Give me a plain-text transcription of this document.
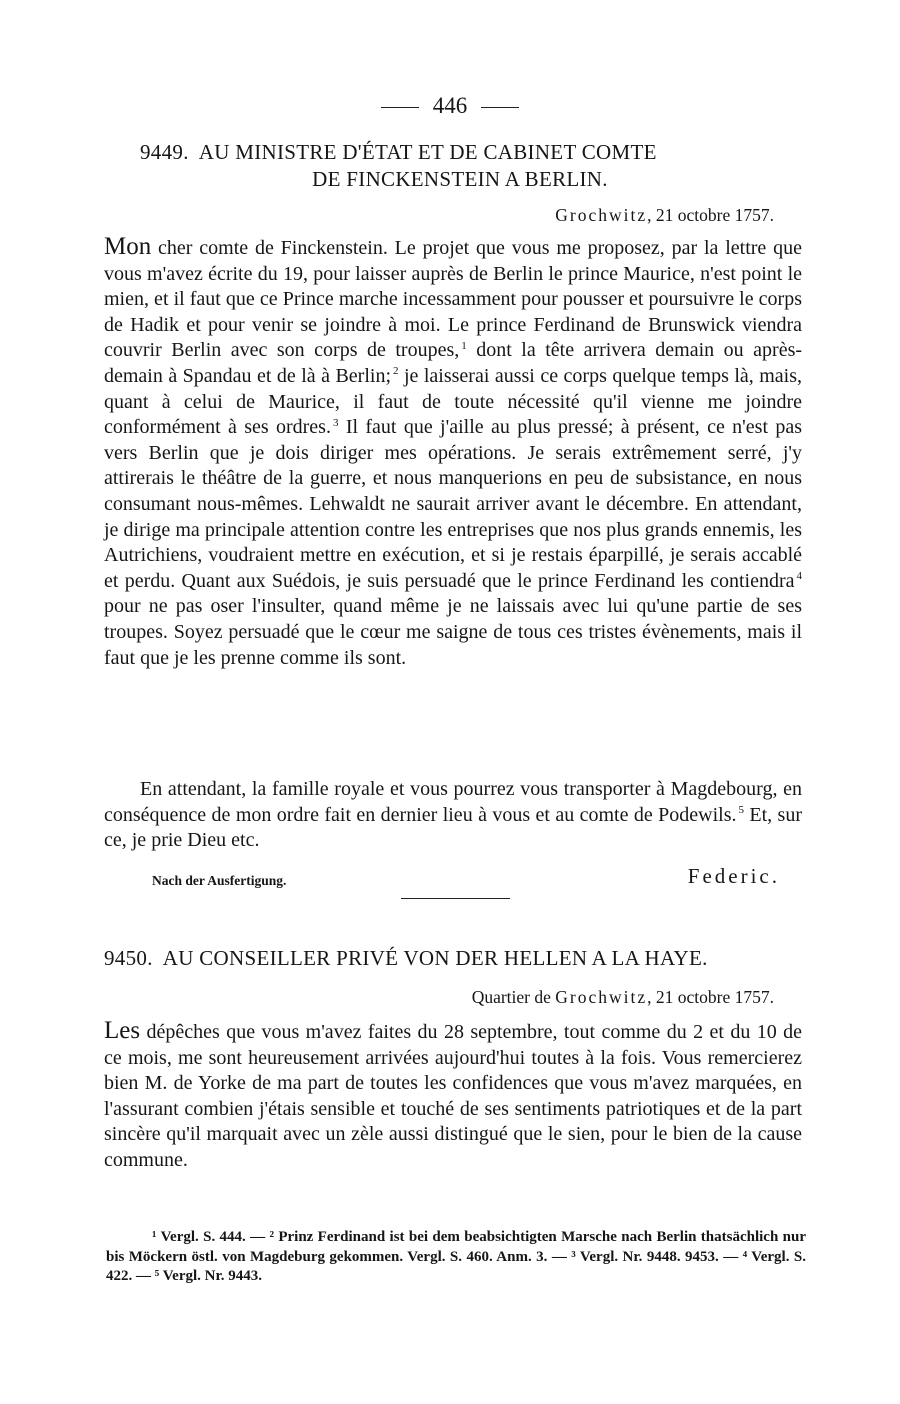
446
9449. AU MINISTRE D'ÉTAT ET DE CABINET COMTE
DE FINCKENSTEIN A BERLIN.
Grochwitz, 21 octobre 1757.

Mon cher comte de Finckenstein. Le projet que vous me proposez, par la lettre que vous m'avez écrite du 19, pour laisser auprès de Berlin le prince Maurice, n'est point le mien, et il faut que ce Prince marche incessamment pour pousser et poursuivre le corps de Hadik et pour venir se joindre à moi. Le prince Ferdinand de Brunswick viendra couvrir Berlin avec son corps de troupes, $^1$ dont la tête arrivera demain ou après-demain à Spandau et de là à Berlin; $^2$ je laisserai aussi ce corps quelque temps là, mais, quant à celui de Maurice, il faut de toute nécessité qu'il vienne me joindre conformément à ses ordres. $^3$ Il faut que j'aille au plus pressé; à présent, ce n'est pas vers Berlin que je dois diriger mes opérations. Je serais extrêmement serré, j'y attirerais le théâtre de la guerre, et nous manquerions en peu de subsistance, en nous consumant nous-mêmes. Lehwaldt ne saurait arriver avant le décembre. En attendant, je dirige ma principale attention contre les entreprises que nos plus grands ennemis, les Autrichiens, voudraient mettre en exécution, et si je restais éparpillé, je serais accablé et perdu. Quant aux Suédois, je suis persuadé que le prince Ferdinand les contiendra $^4$ pour ne pas oser l'insulter, quand même je ne laissais avec lui qu'une partie de ses troupes. Soyez persuadé que le cœur me saigne de tous ces tristes évènements, mais il faut que je les prenne comme ils sont.

En attendant, la famille royale et vous pourrez vous transporter à Magdebourg, en conséquence de mon ordre fait en dernier lieu à vous et au comte de Podewils. $^5$ Et, sur ce, je prie Dieu etc.

Nach der Ausfertigung.	Federic.
9450. AU CONSEILLER PRIVÉ VON DER HELLEN A LA HAYE.
Quartier de Grochwitz, 21 octobre 1757.

Les dépêches que vous m'avez faites du 28 septembre, tout comme du 2 et du 10 de ce mois, me sont heureusement arrivées aujourd'hui toutes à la fois. Vous remercierez bien M. de Yorke de ma part de toutes les confidences que vous m'avez marquées, en l'assurant combien j'étais sensible et touché de ses sentiments patriotiques et de la part sincère qu'il marquait avec un zèle aussi distingué que le sien, pour le bien de la cause commune.

¹ Vergl. S. 444. — ² Prinz Ferdinand ist bei dem beabsichtigten Marsche nach Berlin thatsächlich nur bis Möckern östl. von Magdeburg gekommen. Vergl. S. 460. Anm. 3. — ³ Vergl. Nr. 9448. 9453. — ⁴ Vergl. S. 422. — ⁵ Vergl. Nr. 9443.
